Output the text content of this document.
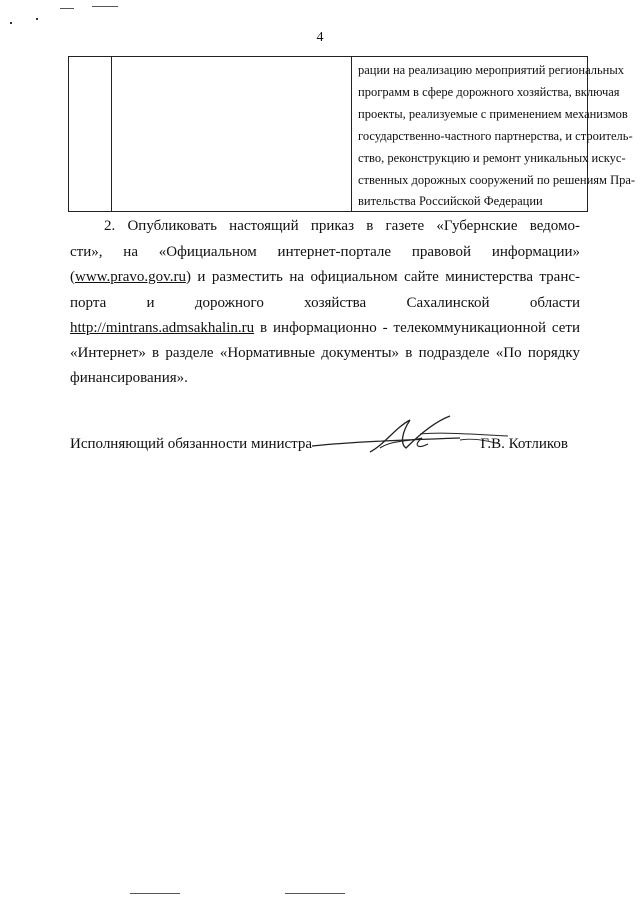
4
рации на реализацию мероприятий региональных
программ в сфере дорожного хозяйства, включая
проекты, реализуемые с применением механизмов
государственно-частного партнерства, и строитель-
ство, реконструкцию и ремонт уникальных искус-
ственных дорожных сооружений по решениям Пра-
вительства Российской Федерации
2. Опубликовать настоящий приказ в газете «Губернские ведомо-
сти», на «Официальном интернет-портале правовой информации»
(www.pravo.gov.ru) и разместить на официальном сайте министерства транс-
порта и дорожного хозяйства Сахалинской области
http://mintrans.admsakhalin.ru в информационно - телекоммуникационной сети
«Интернет» в разделе «Нормативные документы» в подразделе «По порядку
финансирования».
Исполняющий обязанности министра	Г.В. Котликов
